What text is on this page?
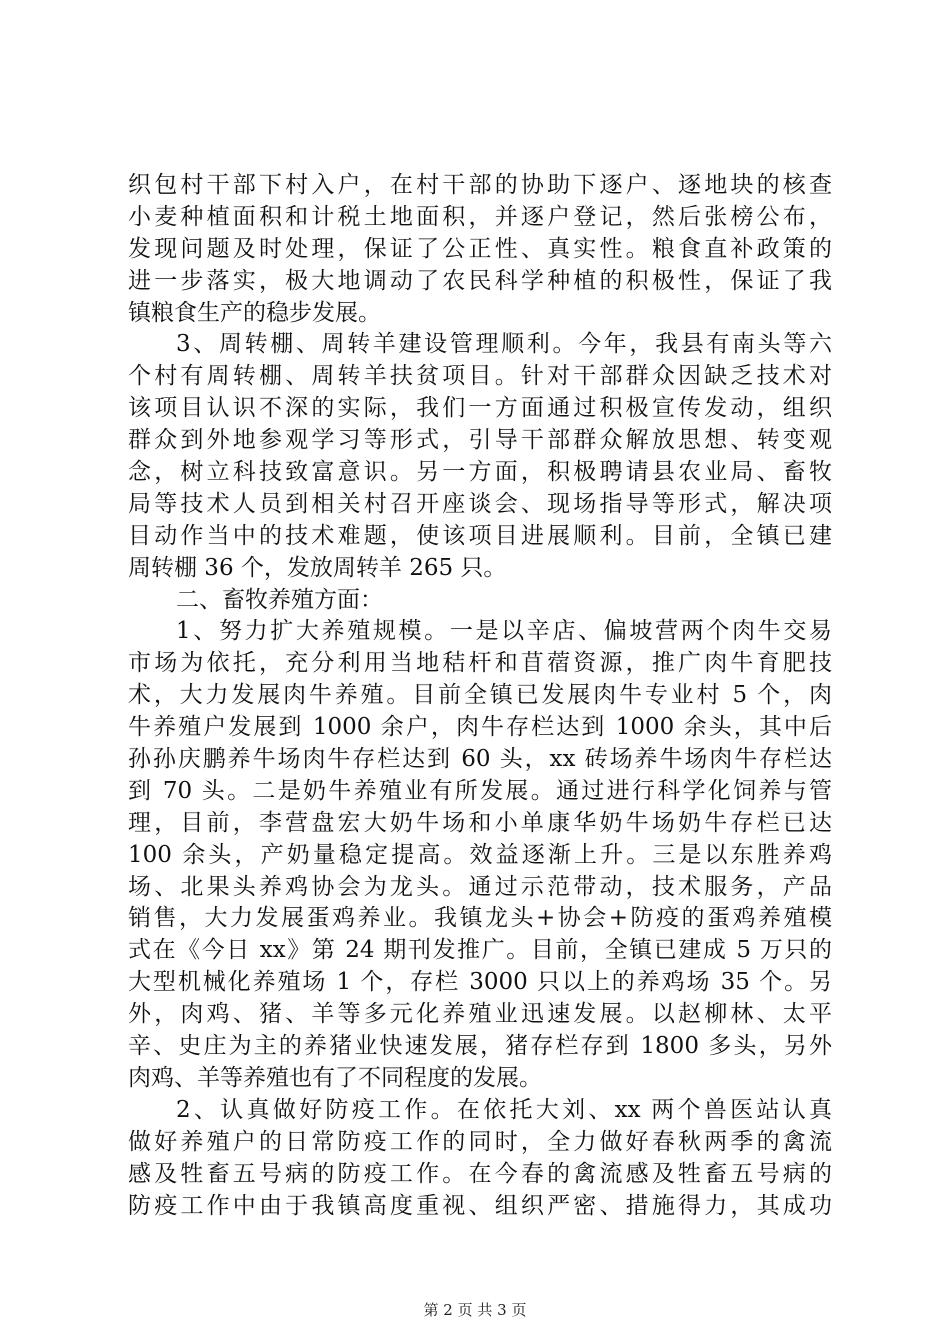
织包村干部下村入户，在村干部的协助下逐户、逐地块的核查
小麦种植面积和计税土地面积，并逐户登记，然后张榜公布，
发现问题及时处理，保证了公正性、真实性。粮食直补政策的
进一步落实，极大地调动了农民科学种植的积极性，保证了我
镇粮食生产的稳步发展。
3、周转棚、周转羊建设管理顺利。今年，我县有南头等六
个村有周转棚、周转羊扶贫项目。针对干部群众因缺乏技术对
该项目认识不深的实际，我们一方面通过积极宣传发动，组织
群众到外地参观学习等形式，引导干部群众解放思想、转变观
念，树立科技致富意识。另一方面，积极聘请县农业局、畜牧
局等技术人员到相关村召开座谈会、现场指导等形式，解决项
目动作当中的技术难题，使该项目进展顺利。目前，全镇已建
周转棚 36 个，发放周转羊 265 只。
二、畜牧养殖方面：
1、努力扩大养殖规模。一是以辛店、偏坡营两个肉牛交易
市场为依托，充分利用当地秸杆和苜蓿资源，推广肉牛育肥技
术，大力发展肉牛养殖。目前全镇已发展肉牛专业村 5 个，肉
牛养殖户发展到 1000 余户，肉牛存栏达到 1000 余头，其中后
孙孙庆鹏养牛场肉牛存栏达到 60 头，xx 砖场养牛场肉牛存栏达
到 70 头。二是奶牛养殖业有所发展。通过进行科学化饲养与管
理，目前，李营盘宏大奶牛场和小单康华奶牛场奶牛存栏已达
100 余头，产奶量稳定提高。效益逐渐上升。三是以东胜养鸡
场、北果头养鸡协会为龙头。通过示范带动，技术服务，产品
销售，大力发展蛋鸡养业。我镇龙头+协会+防疫的蛋鸡养殖模
式在《今日 xx》第 24 期刊发推广。目前，全镇已建成 5 万只的
大型机械化养殖场 1 个，存栏 3000 只以上的养鸡场 35 个。另
外，肉鸡、猪、羊等多元化养殖业迅速发展。以赵柳林、太平
辛、史庄为主的养猪业快速发展，猪存栏存到 1800 多头，另外
肉鸡、羊等养殖也有了不同程度的发展。
2、认真做好防疫工作。在依托大刘、xx 两个兽医站认真
做好养殖户的日常防疫工作的同时，全力做好春秋两季的禽流
感及牲畜五号病的防疫工作。在今春的禽流感及牲畜五号病的
防疫工作中由于我镇高度重视、组织严密、措施得力，其成功
第 2 页 共 3 页
